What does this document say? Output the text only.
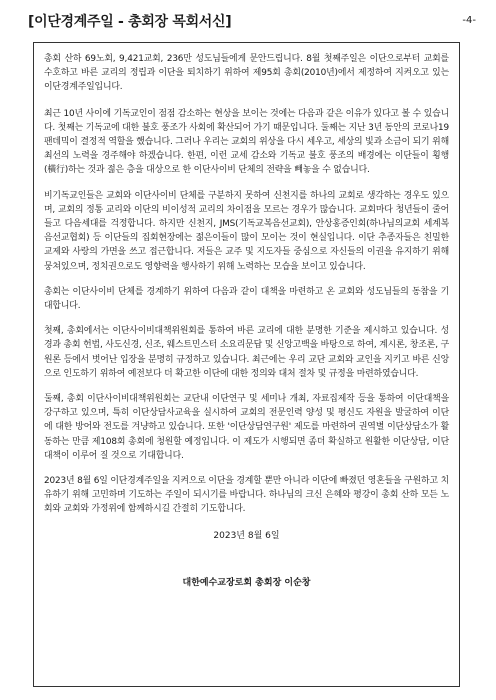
[이단경계주일 - 총회장 목회서신]	-4-

총회 산하 69노회, 9,421교회, 236만 성도님들에게 문안드립니다. 8월 첫째주일은 이단으로부터 교회를 수호하고 바른 교리의 정립과 이단을 퇴치하기 위하여 제95회 총회(2010년)에서 제정하여 지켜오고 있는 이단경계주일입니다.

최근 10년 사이에 기독교인이 점점 감소하는 현상을 보이는 것에는 다음과 같은 이유가 있다고 볼 수 있습니다. 첫째는 기독교에 대한 불호 풍조가 사회에 확산되어 가기 때문입니다. 둘째는 지난 3년 동안의 코로나19 팬데믹이 결정적 역할을 했습니다. 그러나 우리는 교회의 위상을 다시 세우고, 세상의 빛과 소금이 되기 위해 최선의 노력을 경주해야 하겠습니다. 한편, 이런 교세 감소와 기독교 불호 풍조의 배경에는 이단들이 횡행(橫行)하는 것과 젊은 층을 대상으로 한 이단사이비 단체의 전략을 빼놓을 수 없습니다.

비기독교인들은 교회와 이단사이비 단체를 구분하지 못하여 신천지를 하나의 교회로 생각하는 경우도 있으며, 교회의 정통 교리와 이단의 비이성적 교리의 차이점을 모르는 경우가 많습니다. 교회마다 청년들이 줄어들고 다음세대를 걱정합니다. 하지만 신천지, JMS(기독교복음선교회), 안상홍증인회(하나님의교회 세계복음선교협회) 등 이단들의 집회현장에는 젊은이들이 많이 모이는 것이 현실입니다. 이단 추종자들은 친밀한 교제와 사랑의 가면을 쓰고 접근합니다. 저들은 교주 및 지도자들 중심으로 자신들의 이권을 유지하기 위해 뭉쳐있으며, 정치권으로도 영향력을 행사하기 위해 노력하는 모습을 보이고 있습니다.

총회는 이단사이비 단체를 경계하기 위하여 다음과 같이 대책을 마련하고 온 교회와 성도님들의 동참을 기대합니다.

첫째, 총회에서는 이단사이비대책위원회를 통하여 바른 교리에 대한 분명한 기준을 제시하고 있습니다. 성경과 총회 헌법, 사도신경, 신조, 웨스트민스터 소요리문답 및 신앙고백을 바탕으로 하여, 계시론, 창조론, 구원론 등에서 벗어난 입장을 분명히 규정하고 있습니다. 최근에는 우리 교단 교회와 교인을 지키고 바른 신앙으로 인도하기 위하여 예전보다 더 확고한 이단에 대한 정의와 대처 절차 및 규정을 마련하였습니다.

둘째, 총회 이단사이비대책위원회는 교단내 이단연구 및 세미나 개최, 자료집제작 등을 통하여 이단대책을 강구하고 있으며, 특히 이단상담사교육을 실시하여 교회의 전문인력 양성 및 평신도 자원을 발굴하여 이단에 대한 방어와 전도를 겨냥하고 있습니다. 또한 '이단상담연구원' 제도를 마련하여 권역별 이단상담소가 활동하는 만큼 제108회 총회에 청원할 예정입니다. 이 제도가 시행되면 좀더 확실하고 원활한 이단상담, 이단대책이 이루어 질 것으로 기대합니다.

2023년 8월 6일 이단경계주일을 지켜으로 이단을 경계할 뿐만 아니라 이단에 빠졌던 영혼들을 구원하고 치유하기 위해 고민하며 기도하는 주일이 되시기를 바랍니다. 하나님의 크신 은혜와 평강이 총회 산하 모든 노회와 교회와 가정위에 함께하시길 간절히 기도합니다.

2023년 8월 6일
대한예수교장로회 총회장 이순창
